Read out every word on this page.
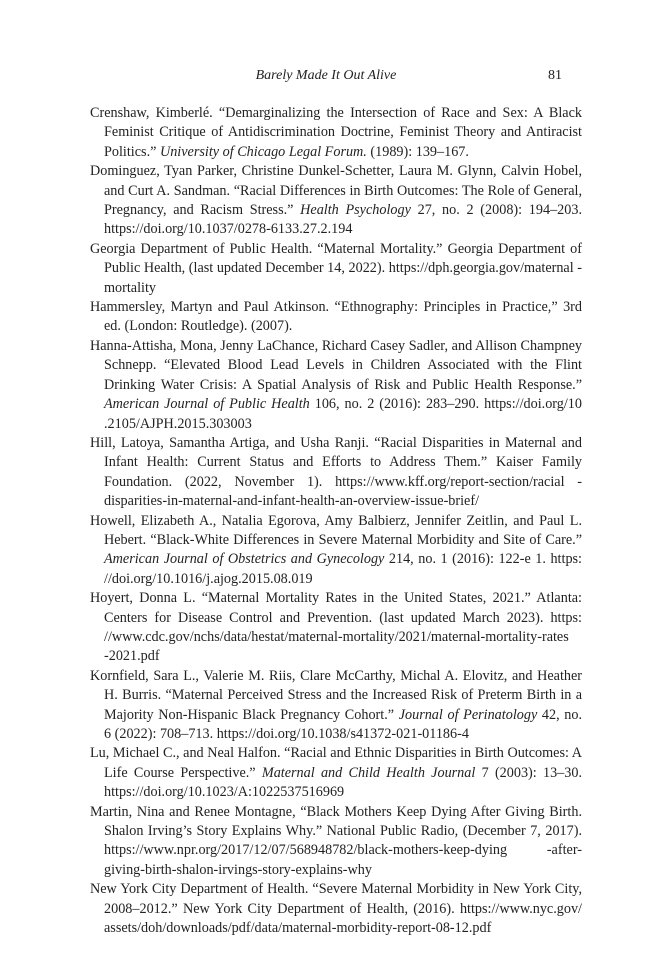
Barely Made It Out Alive	81
Crenshaw, Kimberlé. “Demarginalizing the Intersection of Race and Sex: A Black Feminist Critique of Antidiscrimination Doctrine, Feminist Theory and Antiracist Politics.” University of Chicago Legal Forum. (1989): 139–167.
Dominguez, Tyan Parker, Christine Dunkel-Schetter, Laura M. Glynn, Calvin Hobel, and Curt A. Sandman. “Racial Differences in Birth Outcomes: The Role of General, Pregnancy, and Racism Stress.” Health Psychology 27, no. 2 (2008): 194–203. https://doi.org/10.1037/0278-6133.27.2.194
Georgia Department of Public Health. “Maternal Mortality.” Georgia Department of Public Health, (last updated December 14, 2022). https://dph.georgia.gov/maternal -mortality
Hammersley, Martyn and Paul Atkinson. “Ethnography: Principles in Practice,” 3rd ed. (London: Routledge). (2007).
Hanna-Attisha, Mona, Jenny LaChance, Richard Casey Sadler, and Allison Champney Schnepp. “Elevated Blood Lead Levels in Children Associated with the Flint Drinking Water Crisis: A Spatial Analysis of Risk and Public Health Response.” American Journal of Public Health 106, no. 2 (2016): 283–290. https://doi.org/10 .2105/AJPH.2015.303003
Hill, Latoya, Samantha Artiga, and Usha Ranji. “Racial Disparities in Maternal and Infant Health: Current Status and Efforts to Address Them.” Kaiser Family Foundation. (2022, November 1). https://www.kff.org/report-section/racial -disparities-in-maternal-and-infant-health-an-overview-issue-brief/
Howell, Elizabeth A., Natalia Egorova, Amy Balbierz, Jennifer Zeitlin, and Paul L. Hebert. “Black-White Differences in Severe Maternal Morbidity and Site of Care.” American Journal of Obstetrics and Gynecology 214, no. 1 (2016): 122-e 1. https: //doi.org/10.1016/j.ajog.2015.08.019
Hoyert, Donna L. “Maternal Mortality Rates in the United States, 2021.” Atlanta: Centers for Disease Control and Prevention. (last updated March 2023). https: //www.cdc.gov/nchs/data/hestat/maternal-mortality/2021/maternal-mortality-rates -2021.pdf
Kornfield, Sara L., Valerie M. Riis, Clare McCarthy, Michal A. Elovitz, and Heather H. Burris. “Maternal Perceived Stress and the Increased Risk of Preterm Birth in a Majority Non-Hispanic Black Pregnancy Cohort.” Journal of Perinatology 42, no. 6 (2022): 708–713. https://doi.org/10.1038/s41372-021-01186-4
Lu, Michael C., and Neal Halfon. “Racial and Ethnic Disparities in Birth Outcomes: A Life Course Perspective.” Maternal and Child Health Journal 7 (2003): 13–30. https://doi.org/10.1023/A:1022537516969
Martin, Nina and Renee Montagne, “Black Mothers Keep Dying After Giving Birth. Shalon Irving’s Story Explains Why.” National Public Radio, (December 7, 2017). https://www.npr.org/2017/12/07/568948782/black-mothers-keep-dying -after-giving-birth-shalon-irvings-story-explains-why
New York City Department of Health. “Severe Maternal Morbidity in New York City, 2008–2012.” New York City Department of Health, (2016). https://www.nyc.gov/ assets/doh/downloads/pdf/data/maternal-morbidity-report-08-12.pdf
